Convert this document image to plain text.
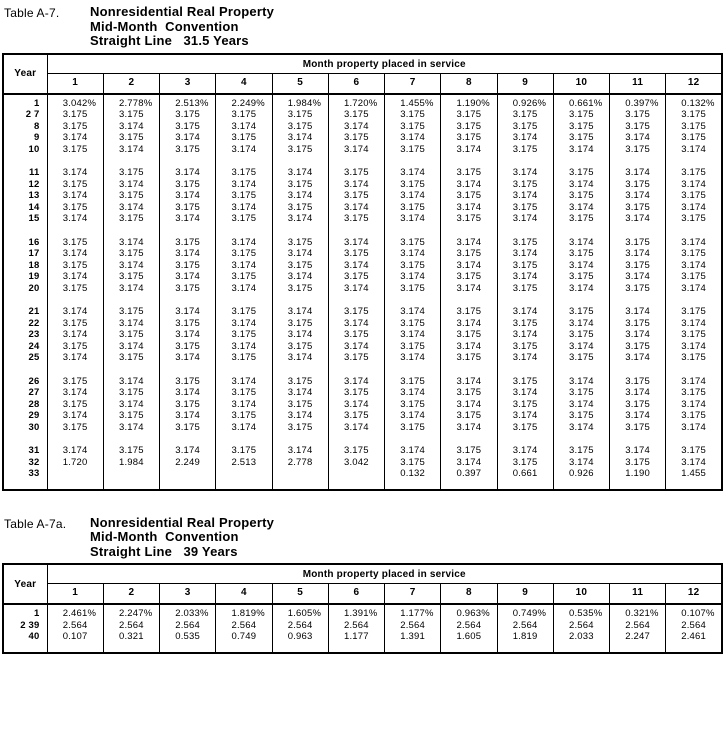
Table A-7.	Nonresidential Real Property
Mid-Month  Convention
Straight Line   31.5 Years
Year	Month property placed in service											
	1	2	3	4	5	6	7	8	9	10	11	12

1	3.042%	2.778%	2.513%	2.249%	1.984%	1.720%	1.455%	1.190%	0.926%	0.661%	0.397%	0.132%
2 7	3.175	3.175	3.175	3.175	3.175	3.175	3.175	3.175	3.175	3.175	3.175	3.175
8	3.175	3.174	3.175	3.174	3.175	3.174	3.175	3.175	3.175	3.175	3.175	3.175
9	3.174	3.175	3.174	3.175	3.174	3.175	3.174	3.175	3.174	3.175	3.174	3.175
10	3.175	3.174	3.175	3.174	3.175	3.174	3.175	3.174	3.175	3.174	3.175	3.174

11	3.174	3.175	3.174	3.175	3.174	3.175	3.174	3.175	3.174	3.175	3.174	3.175
12	3.175	3.174	3.175	3.174	3.175	3.174	3.175	3.174	3.175	3.174	3.175	3.174
13	3.174	3.175	3.174	3.175	3.174	3.175	3.174	3.175	3.174	3.175	3.174	3.175
14	3.175	3.174	3.175	3.174	3.175	3.174	3.175	3.174	3.175	3.174	3.175	3.174
15	3.174	3.175	3.174	3.175	3.174	3.175	3.174	3.175	3.174	3.175	3.174	3.175

16	3.175	3.174	3.175	3.174	3.175	3.174	3.175	3.174	3.175	3.174	3.175	3.174
17	3.174	3.175	3.174	3.175	3.174	3.175	3.174	3.175	3.174	3.175	3.174	3.175
18	3.175	3.174	3.175	3.174	3.175	3.174	3.175	3.174	3.175	3.174	3.175	3.174
19	3.174	3.175	3.174	3.175	3.174	3.175	3.174	3.175	3.174	3.175	3.174	3.175
20	3.175	3.174	3.175	3.174	3.175	3.174	3.175	3.174	3.175	3.174	3.175	3.174

21	3.174	3.175	3.174	3.175	3.174	3.175	3.174	3.175	3.174	3.175	3.174	3.175
22	3.175	3.174	3.175	3.174	3.175	3.174	3.175	3.174	3.175	3.174	3.175	3.174
23	3.174	3.175	3.174	3.175	3.174	3.175	3.174	3.175	3.174	3.175	3.174	3.175
24	3.175	3.174	3.175	3.174	3.175	3.174	3.175	3.174	3.175	3.174	3.175	3.174
25	3.174	3.175	3.174	3.175	3.174	3.175	3.174	3.175	3.174	3.175	3.174	3.175

26	3.175	3.174	3.175	3.174	3.175	3.174	3.175	3.174	3.175	3.174	3.175	3.174
27	3.174	3.175	3.174	3.175	3.174	3.175	3.174	3.175	3.174	3.175	3.174	3.175
28	3.175	3.174	3.175	3.174	3.175	3.174	3.175	3.174	3.175	3.174	3.175	3.174
29	3.174	3.175	3.174	3.175	3.174	3.175	3.174	3.175	3.174	3.175	3.174	3.175
30	3.175	3.174	3.175	3.174	3.175	3.174	3.175	3.174	3.175	3.174	3.175	3.174

31	3.174	3.175	3.174	3.175	3.174	3.175	3.174	3.175	3.174	3.175	3.174	3.175
32	1.720	1.984	2.249	2.513	2.778	3.042	3.175	3.174	3.175	3.174	3.175	3.174
33							0.132	0.397	0.661	0.926	1.190	1.455

Table A-7a.	Nonresidential Real Property
Mid-Month  Convention
Straight Line   39 Years
Year	Month property placed in service											
	1	2	3	4	5	6	7	8	9	10	11	12

1	2.461%	2.247%	2.033%	1.819%	1.605%	1.391%	1.177%	0.963%	0.749%	0.535%	0.321%	0.107%
2 39	2.564	2.564	2.564	2.564	2.564	2.564	2.564	2.564	2.564	2.564	2.564	2.564
40	0.107	0.321	0.535	0.749	0.963	1.177	1.391	1.605	1.819	2.033	2.247	2.461
